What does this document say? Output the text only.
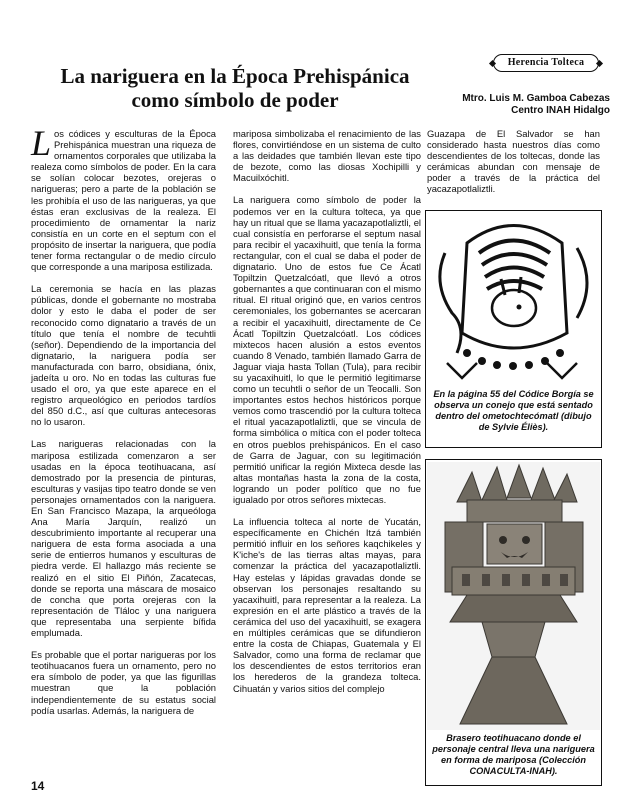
La nariguera en la Época Prehispánica
como símbolo de poder
Herencia Tolteca
Mtro. Luis M. Gamboa Cabezas
Centro INAH Hidalgo

Los códices y esculturas de la Época Prehispánica muestran una riqueza de ornamentos corporales que utilizaba la realeza como símbolos de poder. En la cara se solían colocar bezotes, orejeras o narigueras; pero a parte de la población se les prohibía el uso de las narigueras, ya que éstas eran exclusivas de la realeza. El procedimiento de ornamentar la nariz consistía en un corte en el septum con el propósito de insertar la nariguera, que podía tener forma rectangular o de medio círculo que corresponde a una mariposa estilizada.

La ceremonia se hacía en las plazas públicas, donde el gobernante no mostraba dolor y esto le daba el poder de ser reconocido como dignatario a través de un título que tenía el nombre de tecuhtli (señor). Dependiendo de la importancia del dignatario, la nariguera podía ser manufacturada con barro, obsidiana, ónix, jadeíta u oro. No en todas las culturas fue usado el oro, ya que este aparece en el registro arqueológico en periodos tardíos del 850 d.C., así que culturas antecesoras no lo usaron.

Las narigueras relacionadas con la mariposa estilizada comenzaron a ser usadas en la época teotihuacana, así demostrado por la presencia de pinturas, esculturas y vasijas tipo teatro donde se ven personajes ornamentados con la nariguera. En San Francisco Mazapa, la arqueóloga Ana María Jarquín, realizó un descubrimiento importante al recuperar una nariguera de esta forma asociada a una serie de entierros humanos y esculturas de piedra verde. El hallazgo más reciente se realizó en el sitio El Piñón, Zacatecas, donde se reporta una máscara de mosaico de concha que porta orejeras con la representación de Tláloc y una nariguera que representaba una serpiente bífida emplumada.

Es probable que el portar narigueras por los teotihuacanos fuera un ornamento, pero no era símbolo de poder, ya que las figurillas muestran que la población independientemente de su estatus social podía usarlas. Además, la nariguera de

mariposa simbolizaba el renacimiento de las flores, convirtiéndose en un sistema de culto a las deidades que también llevan este tipo de bezote, como las diosas Xochipilli y Macuilxóchitl.

La nariguera como símbolo de poder la podemos ver en la cultura tolteca, ya que hay un ritual que se llama yacazapotlaliztli, el cual consistía en perforarse el septum nasal para recibir el yacaxihuitl, que tenía la forma rectangular, con el cual se daba el poder de dignatario. Uno de estos fue Ce Ácatl Topiltzin Quetzalcóatl, que llevó a otros gobernantes a que continuaran con el mismo ritual. El ritual originó que, en varios centros ceremoniales, los gobernantes se acercaran a recibir el yacaxihuitl, directamente de Ce Ácatl Topiltzin Quetzalcóatl. Los códices mixtecos hacen alusión a estos eventos cuando 8 Venado, también llamado Garra de Jaguar viaja hasta Tollan (Tula), para recibir su yacaxihuitl, lo que le permitió legitimarse como un tecuhtli o señor de un Teocalli. Son importantes estos hechos históricos porque vemos como trascendió por la cultura tolteca el ritual yacazapotlaliztli, que se vincula de forma simbólica o mítica con el poder tolteca en otros pueblos prehispánicos. En el caso de Garra de Jaguar, con su legitimación permitió unificar la región Mixteca desde las altas montañas hasta la zona de la costa, logrando un poder político que no fue igualado por otros señores mixtecas.

La influencia tolteca al norte de Yucatán, específicamente en Chichén Itzá también permitió influir en los señores kaqchikeles y K'iche's de las tierras altas mayas, para comenzar la práctica del yacazapotlaliztli. Hay estelas y lápidas gravadas donde se observan los personajes resaltando su yacaxihuitl, para representar a la realeza. La expresión en el arte plástico a través de la cerámica del uso del yacaxihuitl, se exagera en múltiples cerámicas que se difundieron entre la costa de Chiapas, Guatemala y El Salvador, como una forma de reclamar que los descendientes de estos territorios eran los herederos de la grandeza tolteca. Cihuatán y varios sitios del complejo

Guazapa de El Salvador se han considerado hasta nuestros días como descendientes de los toltecas, donde las cerámicas abundan con mensaje de poder a través de la práctica del yacazapotlaliztli.

En la página 55 del Códice Borgía se observa un conejo que está sentado dentro del ometochtecómatl (dibujo de Sylvie Éliès).
Brasero teotihuacano donde el personaje central lleva una nariguera en forma de mariposa (Colección CONACULTA-INAH).
14
